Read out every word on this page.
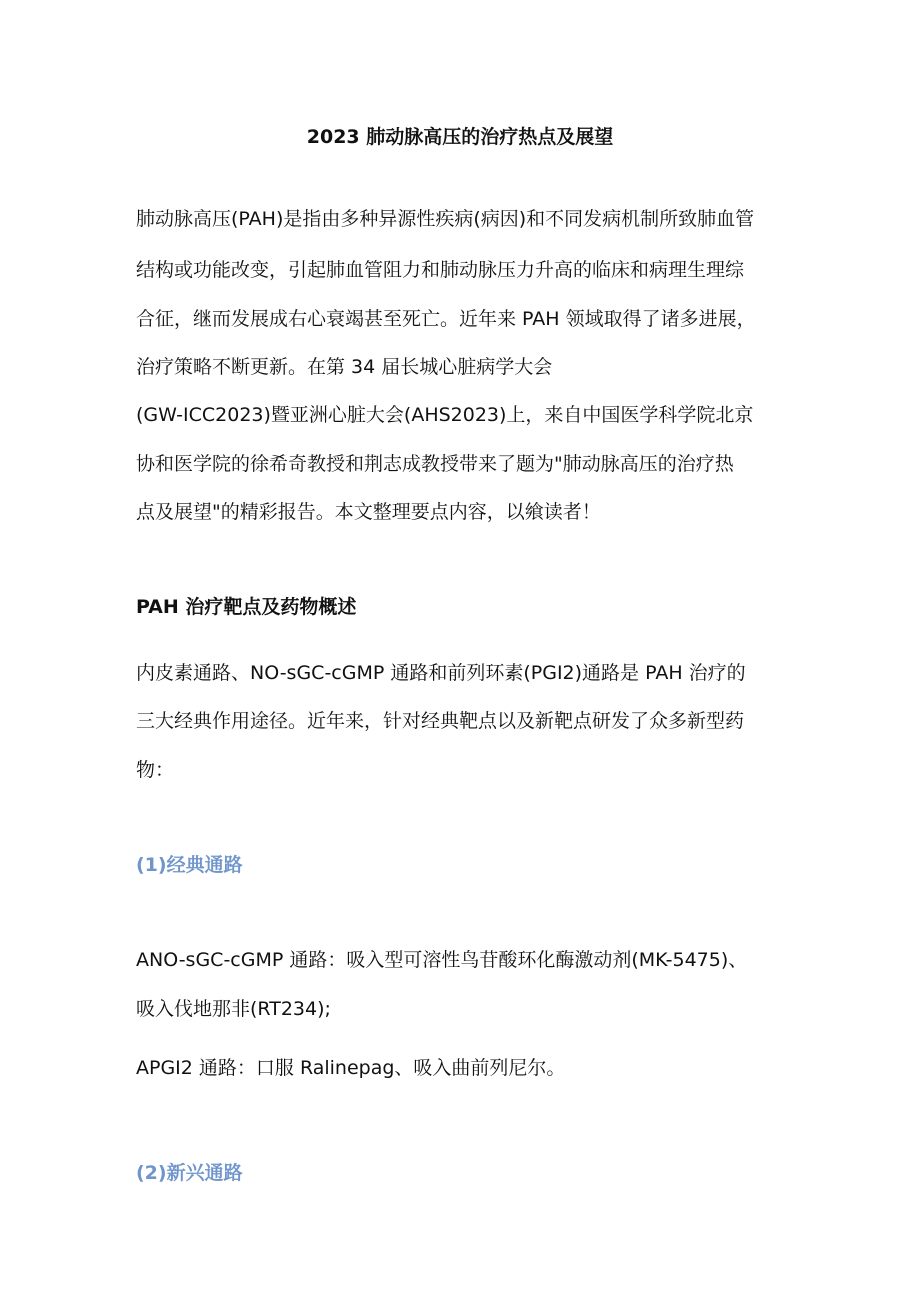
2023 肺动脉高压的治疗热点及展望
肺动脉高压(PAH)是指由多种异源性疾病(病因)和不同发病机制所致肺血管
结构或功能改变，引起肺血管阻力和肺动脉压力升高的临床和病理生理综
合征，继而发展成右心衰竭甚至死亡。近年来 PAH 领域取得了诸多进展，
治疗策略不断更新。在第 34 届长城心脏病学大会
(GW-ICC2023)暨亚洲心脏大会(AHS2023)上，来自中国医学科学院北京
协和医学院的徐希奇教授和荆志成教授带来了题为"肺动脉高压的治疗热
点及展望"的精彩报告。本文整理要点内容，以飨读者！
PAH 治疗靶点及药物概述
内皮素通路、NO-sGC-cGMP 通路和前列环素(PGI2)通路是 PAH 治疗的
三大经典作用途径。近年来，针对经典靶点以及新靶点研发了众多新型药
物：
(1)经典通路
ANO-sGC-cGMP 通路：吸入型可溶性鸟苷酸环化酶激动剂(MK-5475)、
吸入伐地那非(RT234);
APGI2 通路：口服 Ralinepag、吸入曲前列尼尔。
(2)新兴通路
